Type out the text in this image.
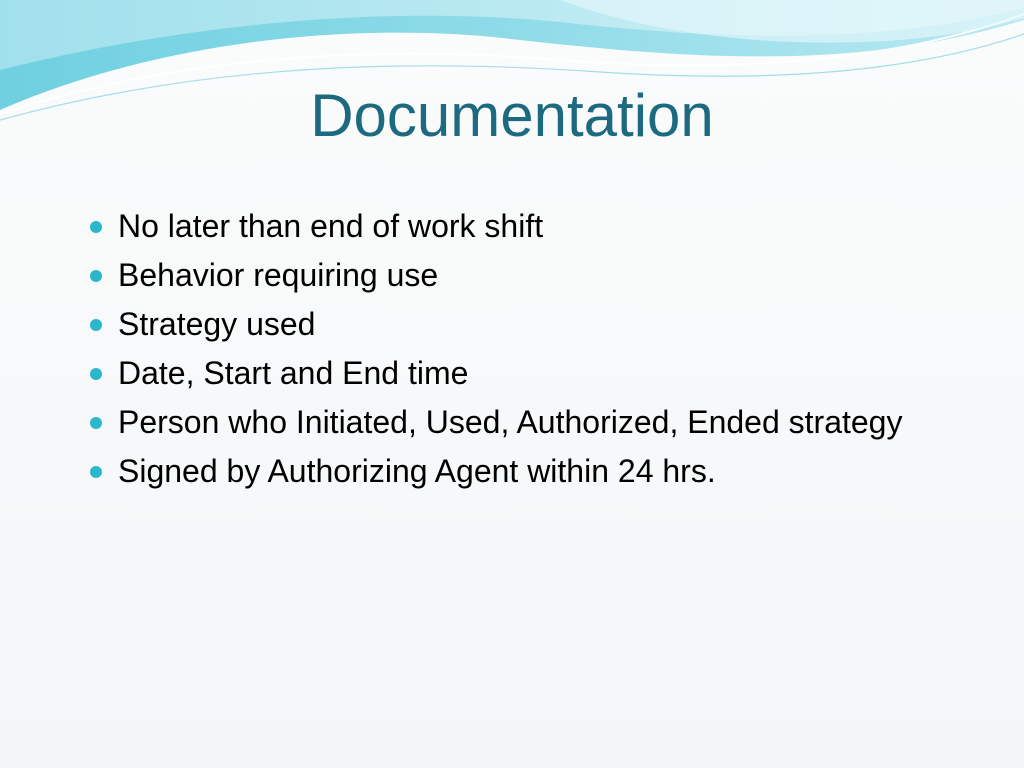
Documentation
No later than end of work shift
Behavior requiring use
Strategy used
Date, Start and End time
Person who Initiated, Used, Authorized, Ended strategy
Signed by Authorizing Agent within 24 hrs.
